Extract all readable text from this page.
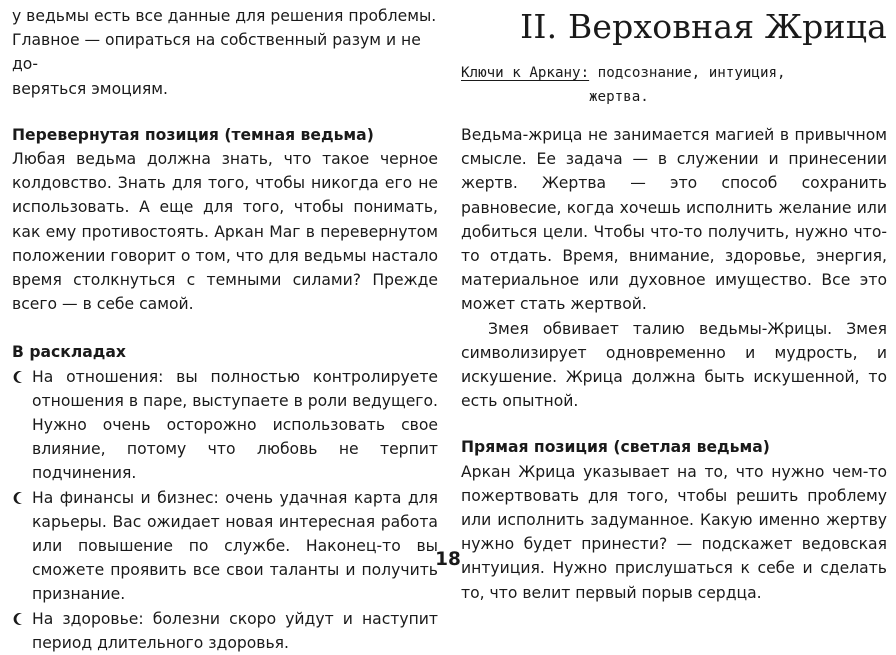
у ведьмы есть все данные для решения проблемы.
Главное — опираться на собственный разум и не до-
веряться эмоциям.
Перевернутая позиция (темная ведьма)

Любая ведьма должна знать, что такое черное колдовство. Знать для того, чтобы никогда его не использовать. А еще для того, чтобы понимать, как ему противостоять. Аркан Маг в перевернутом положении говорит о том, что для ведьмы настало время столкнуться с темными силами? Прежде всего — в себе самой.

В раскладах

На отношения: вы полностью контролируете отношения в паре, выступаете в роли ведущего. Нужно очень осторожно использовать свое влияние, потому что любовь не терпит подчинения.

На финансы и бизнес: очень удачная карта для карьеры. Вас ожидает новая интересная работа или повышение по службе. Наконец-то вы сможете проявить все свои таланты и получить признание.

На здоровье: болезни скоро уйдут и наступит период длительного здоровья.

II. Верховная Жрица
Ключи к Аркану: подсознание, интуиция,
жертва.

Ведьма-жрица не занимается магией в привычном смысле. Ее задача — в служении и принесении жертв. Жертва — это способ сохранить равновесие, когда хочешь исполнить желание или добиться цели. Чтобы что-то получить, нужно что-то отдать. Время, внимание, здоровье, энергия, материальное или духовное имущество. Все это может стать жертвой.

Змея обвивает талию ведьмы-Жрицы. Змея символизирует одновременно и мудрость, и искушение. Жрица должна быть искушенной, то есть опытной.

Прямая позиция (светлая ведьма)

Аркан Жрица указывает на то, что нужно чем-то пожертвовать для того, чтобы решить проблему или исполнить задуманное. Какую именно жертву нужно будет принести? — подскажет ведовская интуиция. Нужно прислушаться к себе и сделать то, что велит первый порыв сердца.

18
